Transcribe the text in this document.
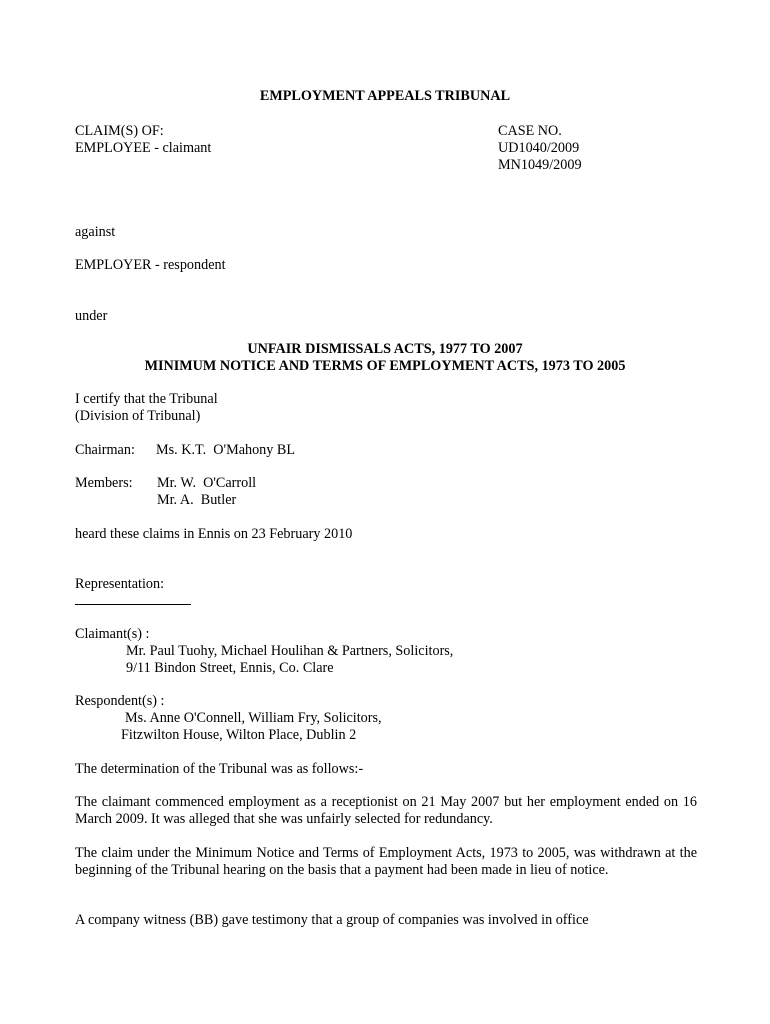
EMPLOYMENT APPEALS TRIBUNAL
CLAIM(S) OF:
EMPLOYEE - claimant
CASE NO.
UD1040/2009
MN1049/2009
against
EMPLOYER - respondent
under
UNFAIR DISMISSALS ACTS, 1977 TO 2007
MINIMUM NOTICE AND TERMS OF EMPLOYMENT ACTS, 1973 TO 2005
I certify that the Tribunal
(Division of Tribunal)
Chairman: Ms. K.T.  O'Mahony BL
Members: Mr. W.  O'Carroll
Mr. A.  Butler
heard these claims in Ennis on 23 February 2010
Representation:
Claimant(s) :
Mr. Paul Tuohy, Michael Houlihan & Partners, Solicitors,
9/11 Bindon Street, Ennis, Co. Clare
Respondent(s) :
Ms. Anne O'Connell, William Fry, Solicitors,
Fitzwilton House, Wilton Place, Dublin 2
The determination of the Tribunal was as follows:-
The claimant commenced employment as a receptionist on 21 May 2007 but her employment ended on 16 March 2009. It was alleged that she was unfairly selected for redundancy.
The claim under the Minimum Notice and Terms of Employment Acts, 1973 to 2005, was withdrawn at the beginning of the Tribunal hearing on the basis that a payment had been made in lieu of notice.
A company witness (BB) gave testimony that a group of companies was involved in office
